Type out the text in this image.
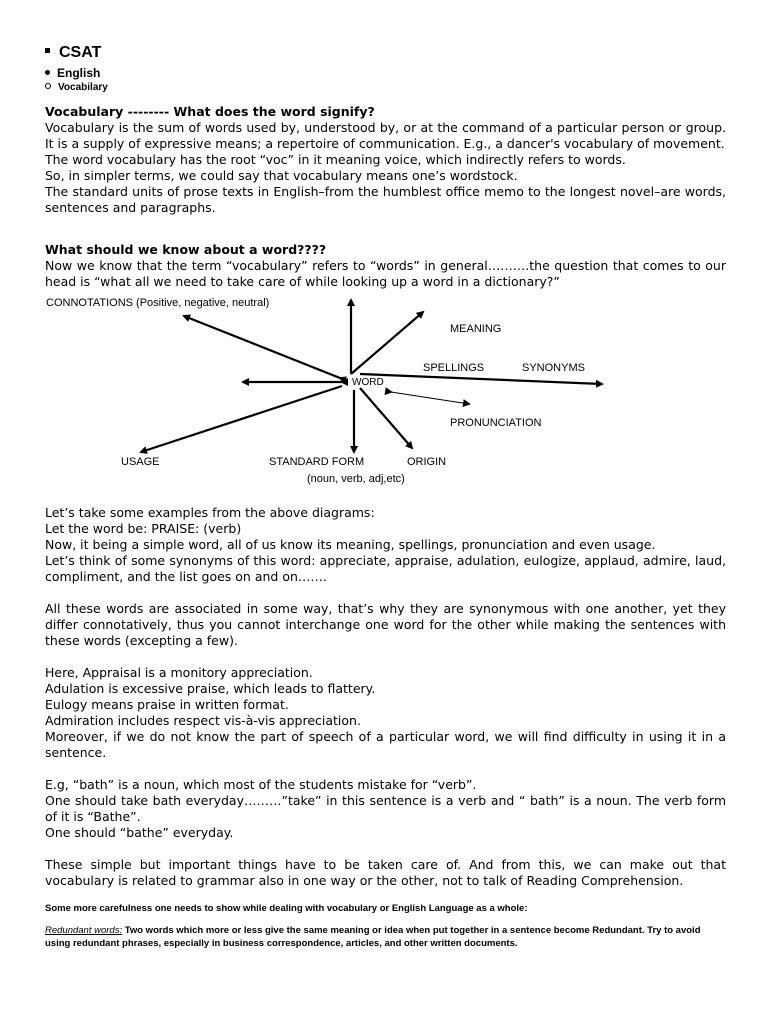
CSAT
English
Vocabilary

Vocabulary -------- What does the word signify?

Vocabulary is the sum of words used by, understood by, or at the command of a particular person or group. It is a supply of expressive means; a repertoire of communication. E.g., a dancer's vocabulary of movement.

The word vocabulary has the root “voc” in it meaning voice, which indirectly refers to words.

So, in simpler terms, we could say that vocabulary means one’s wordstock.

The standard units of prose texts in English–from the humblest office memo to the longest novel–are words, sentences and paragraphs.

What should we know about a word????

Now we know that the term “vocabulary” refers to “words” in general……….the question that comes to our head is “what all we need to take care of while looking up a word in a dictionary?”

CONNOTATIONS (Positive, negative, neutral)
MEANING
SPELLINGS	SYNONYMS
WORD
PRONUNCIATION
USAGE	STANDARD FORM	ORIGIN
(noun, verb, adj,etc)

Let’s take some examples from the above diagrams:

Let the word be: PRAISE: (verb)

Now, it being a simple word, all of us know its meaning, spellings, pronunciation and even usage.

Let’s think of some synonyms of this word: appreciate, appraise, adulation, eulogize, applaud, admire, laud, compliment, and the list goes on and on…….

All these words are associated in some way, that’s why they are synonymous with one another, yet they differ connotatively, thus you cannot interchange one word for the other while making the sentences with these words (excepting a few).

Here, Appraisal is a monitory appreciation.

Adulation is excessive praise, which leads to flattery.

Eulogy means praise in written format.

Admiration includes respect vis-à-vis appreciation.

Moreover, if we do not know the part of speech of a particular word, we will find difficulty in using it in a sentence.

E.g, “bath” is a noun, which most of the students mistake for “verb”.

One should take bath everyday………”take” in this sentence is a verb and “ bath” is a noun. The verb form of it is “Bathe”.

One should “bathe” everyday.

These simple but important things have to be taken care of. And from this, we can make out that vocabulary is related to grammar also in one way or the other, not to talk of Reading Comprehension.

Some more carefulness one needs to show while dealing with vocabulary or English Language as a whole:
Redundant words: Two words which more or less give the same meaning or idea when put together in a sentence become Redundant. Try to avoid using redundant phrases, especially in business correspondence, articles, and other written documents.
